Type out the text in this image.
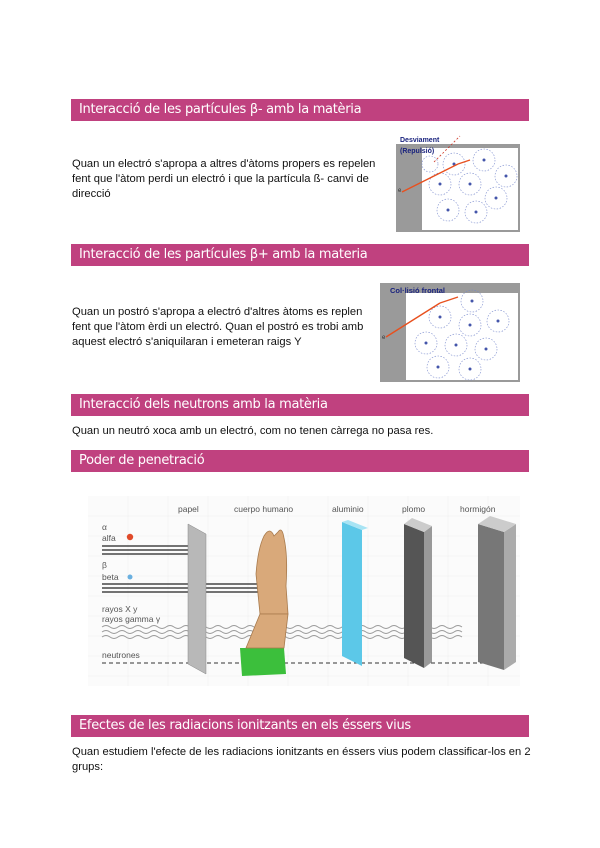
Interacció de les partícules β- amb la matèria
Quan un electró s'apropa a altres d'àtoms propers es repelen
fent que l'àtom perdi un electró i que la partícula ß- canvi de
direcció
Desviament
(Repulsió)
e
Interacció de les partícules β+ amb la materia
Quan un postró s'apropa a electró d'altres àtoms es replen
fent que l'àtom èrdi un electró. Quan el postró es trobi amb
aquest electró s'aniquilaran i emeteran raigs Y
Col·lisió frontal
e
Interacció dels neutrons amb la matèria
Quan un neutró xoca amb un electró, com no tenen càrrega no pasa res.
Poder de penetració
papel	cuerpo humano	aluminio	plomo	hormigón
α
alfa
β
beta
rayos X y
rayos gamma γ
neutrones
Efectes de les radiacions ionitzants en els éssers vius
Quan estudiem l'efecte de les radiacions ionitzants en éssers vius podem classificar-los en 2
grups:
